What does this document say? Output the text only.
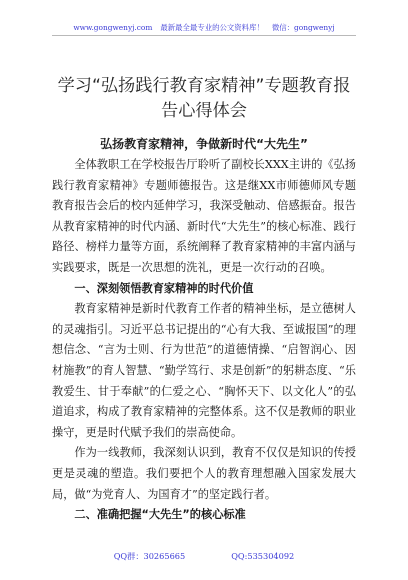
www.gongwenyj.com 最新最全最专业的公文资料库！ 微信：gongwenyj
学习“弘扬践行教育家精神”专题教育报告心得体会
弘扬教育家精神，争做新时代“大先生”

全体教职工在学校报告厅聆听了副校长XXX主讲的《弘扬践行教育家精神》专题师德报告。这是继XX市师德师风专题教育报告会后的校内延伸学习，我深受触动、倍感振奋。报告从教育家精神的时代内涵、新时代“大先生”的核心标准、践行路径、榜样力量等方面，系统阐释了教育家精神的丰富内涵与实践要求，既是一次思想的洗礼，更是一次行动的召唤。

一、深刻领悟教育家精神的时代价值

教育家精神是新时代教育工作者的精神坐标，是立德树人的灵魂指引。习近平总书记提出的“心有大我、至诚报国”的理想信念、“言为士则、行为世范”的道德情操、“启智润心、因材施教”的育人智慧、“勤学笃行、求是创新”的躬耕态度、“乐教爱生、甘于奉献”的仁爱之心、“胸怀天下、以文化人”的弘道追求，构成了教育家精神的完整体系。这不仅是教师的职业操守，更是时代赋予我们的崇高使命。

作为一线教师，我深刻认识到，教育不仅仅是知识的传授更是灵魂的塑造。我们要把个人的教育理想融入国家发展大局，做“为党育人、为国育才”的坚定践行者。

二、准确把握“大先生”的核心标准
QQ群：30265665	QQ:535304092
